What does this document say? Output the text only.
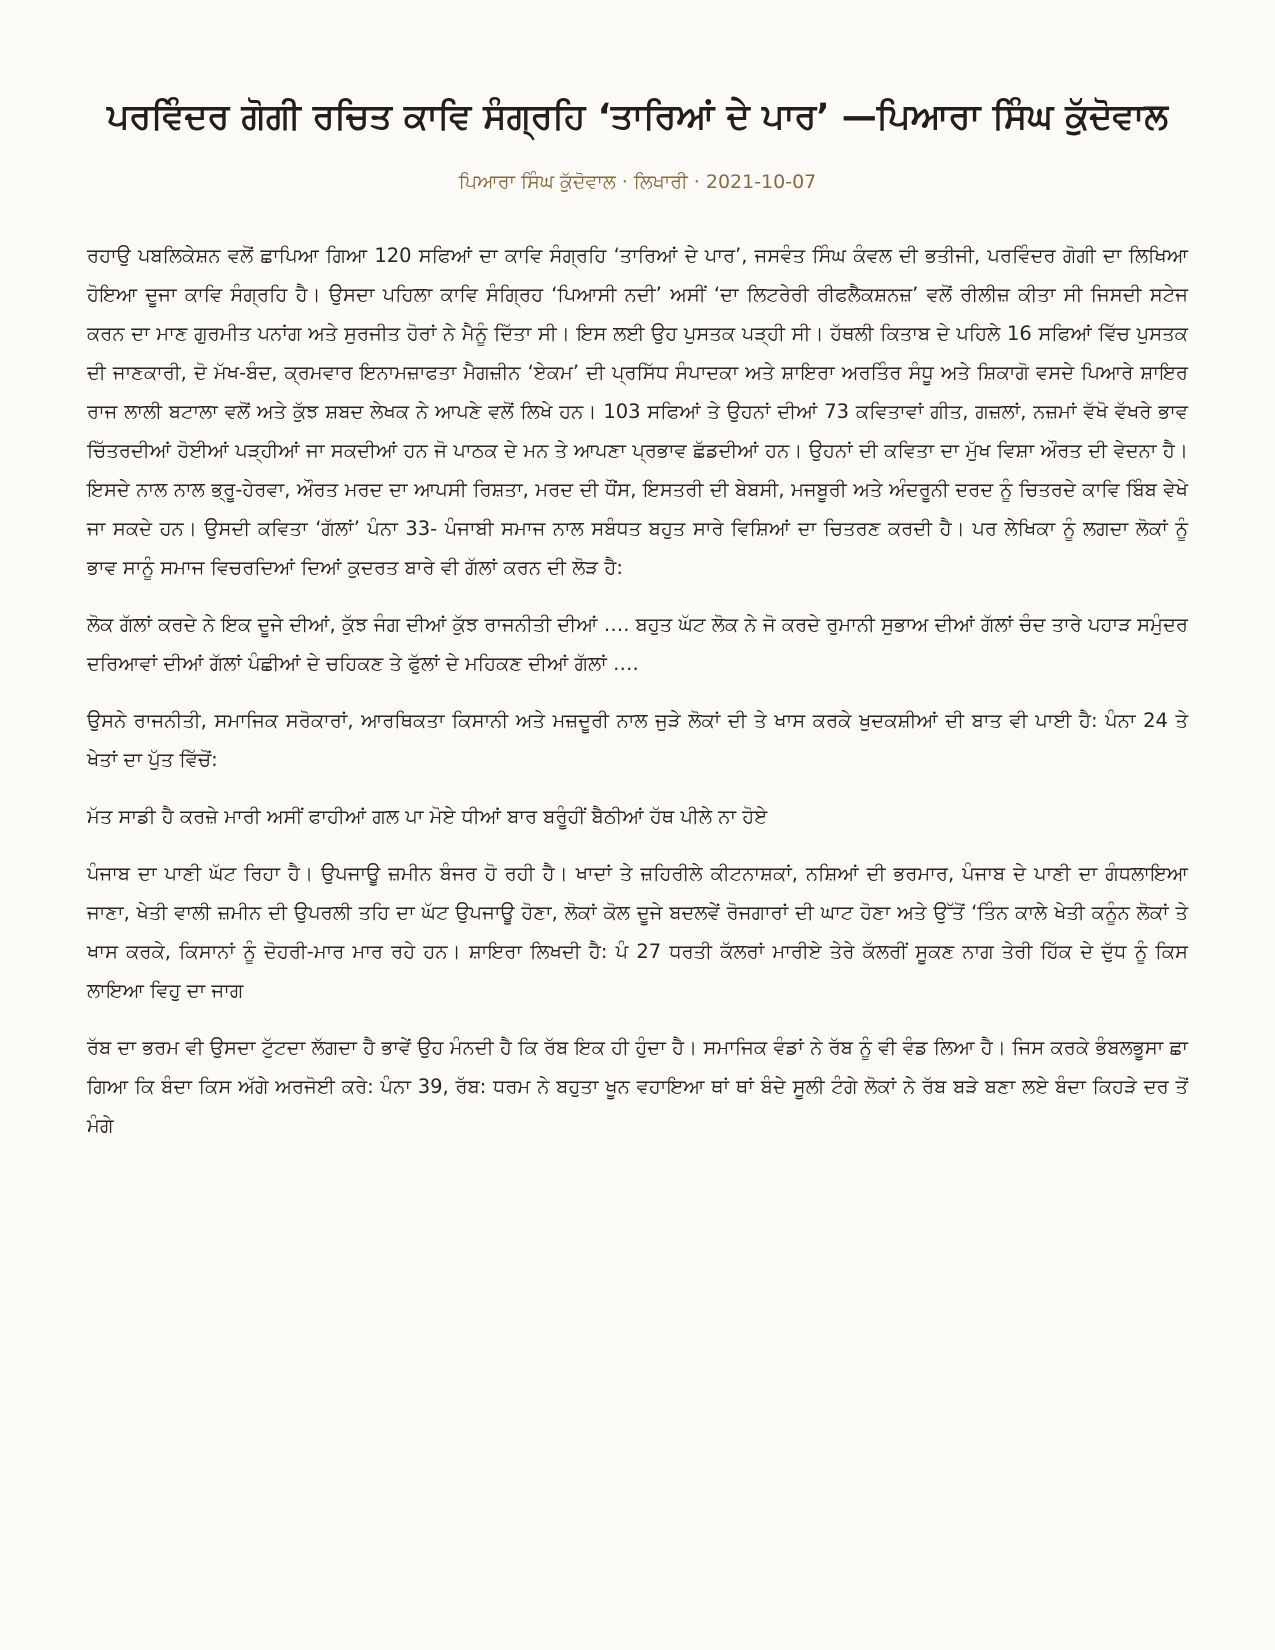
ਪਰਵਿੰਦਰ ਗੋਗੀ ਰਚਿਤ ਕਾਵਿ ਸੰਗ੍ਰਹਿ ‘ਤਾਰਿਆਂ ਦੇ ਪਾਰ’ —ਪਿਆਰਾ ਸਿੰਘ ਕੁੱਦੋਵਾਲ
ਪਿਆਰਾ ਸਿੰਘ ਕੁੱਦੋਵਾਲ · ਲਿਖਾਰੀ · 2021-10-07

ਰਹਾਉ ਪਬਲਿਕੇਸ਼ਨ ਵਲੋਂ ਛਾਪਿਆ ਗਿਆ 120 ਸਫਿਆਂ ਦਾ ਕਾਵਿ ਸੰਗ੍ਰਹਿ ‘ਤਾਰਿਆਂ ਦੇ ਪਾਰ’, ਜਸਵੰਤ ਸਿੰਘ ਕੰਵਲ ਦੀ ਭਤੀਜੀ, ਪਰਵਿੰਦਰ ਗੋਗੀ ਦਾ ਲਿਖਿਆ ਹੋਇਆ ਦੂਜਾ ਕਾਵਿ ਸੰਗ੍ਰਹਿ ਹੈ। ਉਸਦਾ ਪਹਿਲਾ ਕਾਵਿ ਸੰਗ੍ਰਿਹ ‘ਪਿਆਸੀ ਨਦੀ’ ਅਸੀਂ ‘ਦਾ ਲਿਟਰੇਰੀ ਰੀਫਲੈਕਸ਼ਨਜ਼’ ਵਲੋਂ ਰੀਲੀਜ਼ ਕੀਤਾ ਸੀ ਜਿਸਦੀ ਸਟੇਜ ਕਰਨ ਦਾ ਮਾਣ ਗੁਰਮੀਤ ਪਨਾਂਗ ਅਤੇ ਸੁਰਜੀਤ ਹੋਰਾਂ ਨੇ ਮੈਨੂੰ ਦਿੱਤਾ ਸੀ। ਇਸ ਲਈ ਉਹ ਪੁਸਤਕ ਪੜ੍ਹੀ ਸੀ। ਹੱਥਲੀ ਕਿਤਾਬ ਦੇ ਪਹਿਲੇ 16 ਸਫਿਆਂ ਵਿੱਚ ਪੁਸਤਕ ਦੀ ਜਾਣਕਾਰੀ, ਦੋ ਮੱਖ-ਬੰਦ, ਕ੍ਰਮਵਾਰ ਇਨਾਮਜ਼ਾਫਤਾ ਮੈਗਜ਼ੀਨ ‘ਏਕਮ’ ਦੀ ਪ੍ਰਸਿੱਧ ਸੰਪਾਦਕਾ ਅਤੇ ਸ਼ਾਇਰਾ ਅਰਤਿੰਰ ਸੰਧੂ ਅਤੇ ਸ਼ਿਕਾਗੋ ਵਸਦੇ ਪਿਆਰੇ ਸ਼ਾਇਰ ਰਾਜ ਲਾਲੀ ਬਟਾਲਾ ਵਲੋਂ ਅਤੇ ਕੁੱਝ ਸ਼ਬਦ ਲੇਖਕ ਨੇ ਆਪਣੇ ਵਲੋਂ ਲਿਖੇ ਹਨ। 103 ਸਫਿਆਂ ਤੇ ਉਹਨਾਂ ਦੀਆਂ 73 ਕਵਿਤਾਵਾਂ ਗੀਤ, ਗਜ਼ਲਾਂ, ਨਜ਼ਮਾਂ ਵੱਖੋ ਵੱਖਰੇ ਭਾਵ ਚਿੱਤਰਦੀਆਂ ਹੋਈਆਂ ਪੜ੍ਹੀਆਂ ਜਾ ਸਕਦੀਆਂ ਹਨ ਜੋ ਪਾਠਕ ਦੇ ਮਨ ਤੇ ਆਪਣਾ ਪ੍ਰਭਾਵ ਛੱਡਦੀਆਂ ਹਨ। ਉਹਨਾਂ ਦੀ ਕਵਿਤਾ ਦਾ ਮੁੱਖ ਵਿਸ਼ਾ ਔਰਤ ਦੀ ਵੇਦਨਾ ਹੈ। ਇਸਦੇ ਨਾਲ ਨਾਲ ਭ੍ਰੂ-ਹੇਰਵਾ, ਔਰਤ ਮਰਦ ਦਾ ਆਪਸੀ ਰਿਸ਼ਤਾ, ਮਰਦ ਦੀ ਧੌਂਸ, ਇਸਤਰੀ ਦੀ ਬੇਬਸੀ, ਮਜਬੂਰੀ ਅਤੇ ਅੰਦਰੂਨੀ ਦਰਦ ਨੂੰ ਚਿਤਰਦੇ ਕਾਵਿ ਬਿੰਬ ਵੇਖੇ ਜਾ ਸਕਦੇ ਹਨ। ਉਸਦੀ ਕਵਿਤਾ ‘ਗੱਲਾਂ’ ਪੰਨਾ 33- ਪੰਜਾਬੀ ਸਮਾਜ ਨਾਲ ਸਬੰਧਤ ਬਹੁਤ ਸਾਰੇ ਵਿਸ਼ਿਆਂ ਦਾ ਚਿਤਰਣ ਕਰਦੀ ਹੈ। ਪਰ ਲੇਖਿਕਾ ਨੂੰ ਲਗਦਾ ਲੋਕਾਂ ਨੂੰ ਭਾਵ ਸਾਨੂੰ ਸਮਾਜ ਵਿਚਰਦਿਆਂ ਦਿਆਂ ਕੁਦਰਤ ਬਾਰੇ ਵੀ ਗੱਲਾਂ ਕਰਨ ਦੀ ਲੋੜ ਹੈ:

ਲੋਕ ਗੱਲਾਂ ਕਰਦੇ ਨੇ ਇਕ ਦੂਜੇ ਦੀਆਂ, ਕੁੱਝ ਜੰਗ ਦੀਆਂ ਕੁੱਝ ਰਾਜਨੀਤੀ ਦੀਆਂ …. ਬਹੁਤ ਘੱਟ ਲੋਕ ਨੇ ਜੋ ਕਰਦੇ ਰੁਮਾਨੀ ਸੁਭਾਅ ਦੀਆਂ ਗੱਲਾਂ ਚੰਦ ਤਾਰੇ ਪਹਾੜ ਸਮੁੰਦਰ ਦਰਿਆਵਾਂ ਦੀਆਂ ਗੱਲਾਂ ਪੰਛੀਆਂ ਦੇ ਚਹਿਕਣ ਤੇ ਫੁੱਲਾਂ ਦੇ ਮਹਿਕਣ ਦੀਆਂ ਗੱਲਾਂ ….

ਉਸਨੇ ਰਾਜਨੀਤੀ, ਸਮਾਜਿਕ ਸਰੋਕਾਰਾਂ, ਆਰਥਿਕਤਾ ਕਿਸਾਨੀ ਅਤੇ ਮਜ਼ਦੂਰੀ ਨਾਲ ਜੁੜੇ ਲੋਕਾਂ ਦੀ ਤੇ ਖਾਸ ਕਰਕੇ ਖੁਦਕਸ਼ੀਆਂ ਦੀ ਬਾਤ ਵੀ ਪਾਈ ਹੈ: ਪੰਨਾ 24 ਤੇ ਖੇਤਾਂ ਦਾ ਪੁੱਤ ਵਿੱਚੋਂ:

ਮੱਤ ਸਾਡੀ ਹੈ ਕਰਜ਼ੇ ਮਾਰੀ ਅਸੀਂ ਫਾਹੀਆਂ ਗਲ ਪਾ ਮੋਏ ਧੀਆਂ ਬਾਰ ਬਰੂੰਹੀਂ ਬੈਠੀਆਂ ਹੱਥ ਪੀਲੇ ਨਾ ਹੋਏ

ਪੰਜਾਬ ਦਾ ਪਾਣੀ ਘੱਟ ਰਿਹਾ ਹੈ। ਉਪਜਾਊ ਜ਼ਮੀਨ ਬੰਜਰ ਹੋ ਰਹੀ ਹੈ। ਖਾਦਾਂ ਤੇ ਜ਼ਹਿਰੀਲੇ ਕੀਟਨਾਸ਼ਕਾਂ, ਨਸ਼ਿਆਂ ਦੀ ਭਰਮਾਰ, ਪੰਜਾਬ ਦੇ ਪਾਣੀ ਦਾ ਗੰਧਲਾਇਆ ਜਾਣਾ, ਖੇਤੀ ਵਾਲੀ ਜ਼ਮੀਨ ਦੀ ਉਪਰਲੀ ਤਹਿ ਦਾ ਘੱਟ ਉਪਜਾਊ ਹੋਣਾ, ਲੋਕਾਂ ਕੋਲ ਦੂਜੇ ਬਦਲਵੇਂ ਰੋਜਗਾਰਾਂ ਦੀ ਘਾਟ ਹੋਣਾ ਅਤੇ ਉੱਤੋਂ ‘ਤਿੰਨ ਕਾਲੇ ਖੇਤੀ ਕਨੂੰਨ ਲੋਕਾਂ ਤੇ ਖਾਸ ਕਰਕੇ, ਕਿਸਾਨਾਂ ਨੂੰ ਦੋਹਰੀ-ਮਾਰ ਮਾਰ ਰਹੇ ਹਨ। ਸ਼ਾਇਰਾ ਲਿਖਦੀ ਹੈ: ਪੰ 27 ਧਰਤੀ ਕੱਲਰਾਂ ਮਾਰੀਏ ਤੇਰੇ ਕੱਲਰੀਂ ਸੂਕਣ ਨਾਗ ਤੇਰੀ ਹਿੱਕ ਦੇ ਦੁੱਧ ਨੂੰ ਕਿਸ ਲਾਇਆ ਵਿਹੁ ਦਾ ਜਾਗ

ਰੱਬ ਦਾ ਭਰਮ ਵੀ ਉਸਦਾ ਟੁੱਟਦਾ ਲੱਗਦਾ ਹੈ ਭਾਵੇਂ ਉਹ ਮੰਨਦੀ ਹੈ ਕਿ ਰੱਬ ਇਕ ਹੀ ਹੁੰਦਾ ਹੈ। ਸਮਾਜਿਕ ਵੰਡਾਂ ਨੇ ਰੱਬ ਨੂੰ ਵੀ ਵੰਡ ਲਿਆ ਹੈ। ਜਿਸ ਕਰਕੇ ਭੰਬਲਭੂਸਾ ਛਾ ਗਿਆ ਕਿ ਬੰਦਾ ਕਿਸ ਅੱਗੇ ਅਰਜੋਈ ਕਰੇ: ਪੰਨਾ 39, ਰੱਬ: ਧਰਮ ਨੇ ਬਹੁਤਾ ਖੂਨ ਵਹਾਇਆ ਥਾਂ ਥਾਂ ਬੰਦੇ ਸੂਲੀ ਟੰਗੇ ਲੋਕਾਂ ਨੇ ਰੱਬ ਬੜੇ ਬਣਾ ਲਏ ਬੰਦਾ ਕਿਹੜੇ ਦਰ ਤੋਂ ਮੰਗੇ
